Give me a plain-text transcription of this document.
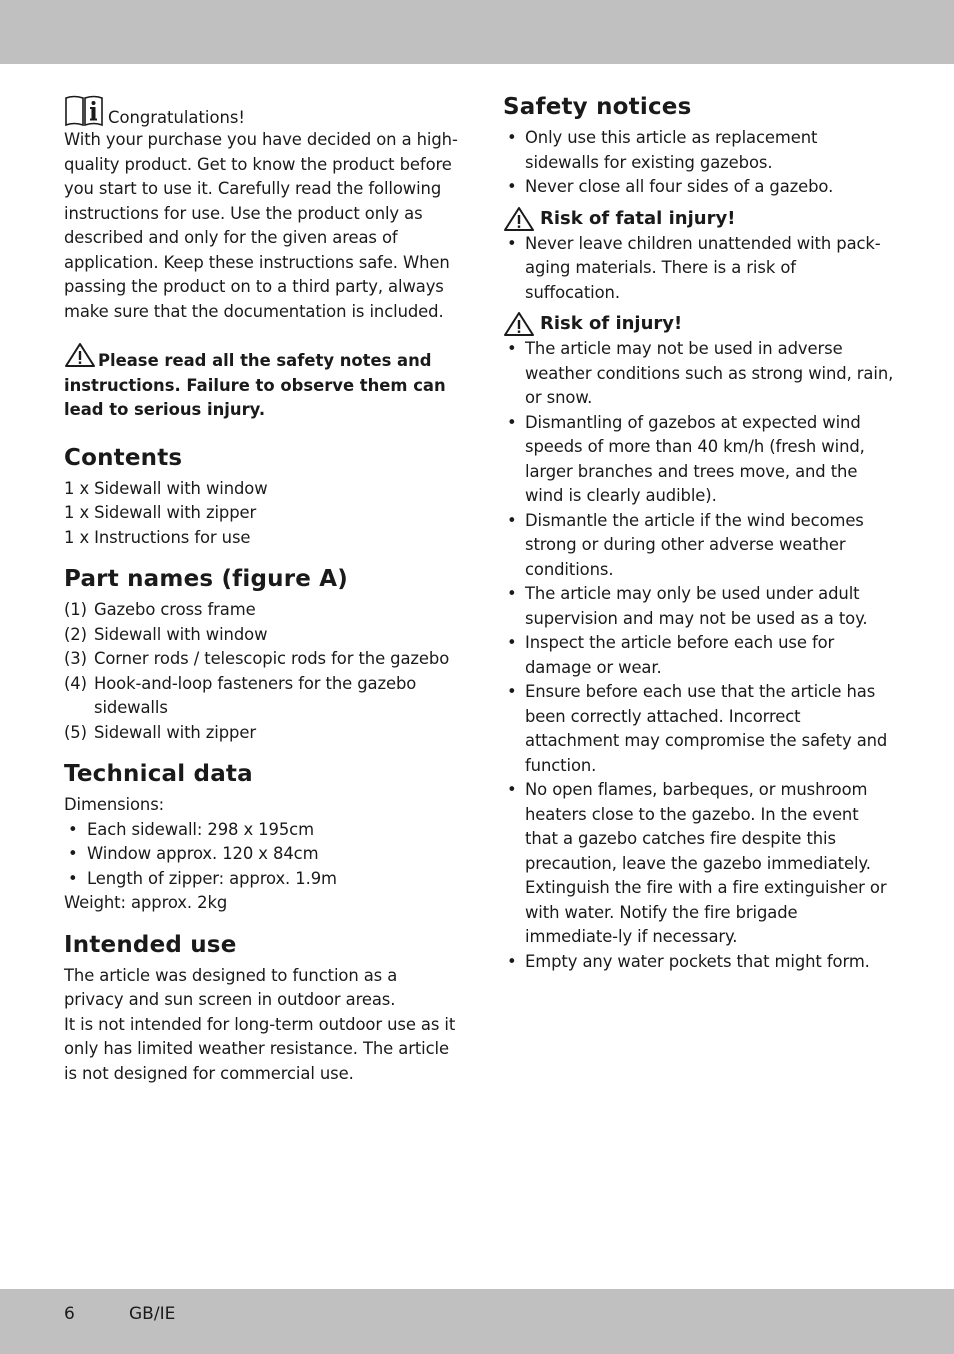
Congratulations!

With your purchase you have decided on a high-quality product. Get to know the product before you start to use it. Carefully read the following instructions for use. Use the product only as described and only for the given areas of application. Keep these instructions safe. When passing the product on to a third party, always make sure that the documentation is included.

Please read all the safety notes and instructions. Failure to observe them can lead to serious injury.

Contents
1 x Sidewall with window
1 x Sidewall with zipper
1 x Instructions for use
Part names (figure A)
(1) Gazebo cross frame
(2) Sidewall with window
(3) Corner rods / telescopic rods for the gazebo
(4) Hook-and-loop fasteners for the gazebo sidewalls
(5) Sidewall with zipper
Technical data

Dimensions:

• Each sidewall: 298 x 195cm
• Window approx. 120 x 84cm
• Length of zipper: approx. 1.9m

Weight: approx. 2kg

Intended use

The article was designed to function as a privacy and sun screen in outdoor areas.

It is not intended for long-term outdoor use as it only has limited weather resistance. The article is not designed for commercial use.

Safety notices
• Only use this article as replacement sidewalls for existing gazebos.
• Never close all four sides of a gazebo.

Risk of fatal injury!

• Never leave children unattended with pack-aging materials. There is a risk of suffocation.

Risk of injury!

• The article may not be used in adverse weather conditions such as strong wind, rain, or snow.
• Dismantling of gazebos at expected wind speeds of more than 40 km/h (fresh wind, larger branches and trees move, and the wind is clearly audible).
• Dismantle the article if the wind becomes strong or during other adverse weather conditions.
• The article may only be used under adult supervision and may not be used as a toy.
• Inspect the article before each use for damage or wear.
• Ensure before each use that the article has been correctly attached. Incorrect attachment may compromise the safety and function.
• No open flames, barbeques, or mushroom heaters close to the gazebo. In the event that a gazebo catches fire despite this precaution, leave the gazebo immediately.
Extinguish the fire with a fire extinguisher or with water. Notify the fire brigade immediate-ly if necessary.
• Empty any water pockets that might form.
6	GB/IE
